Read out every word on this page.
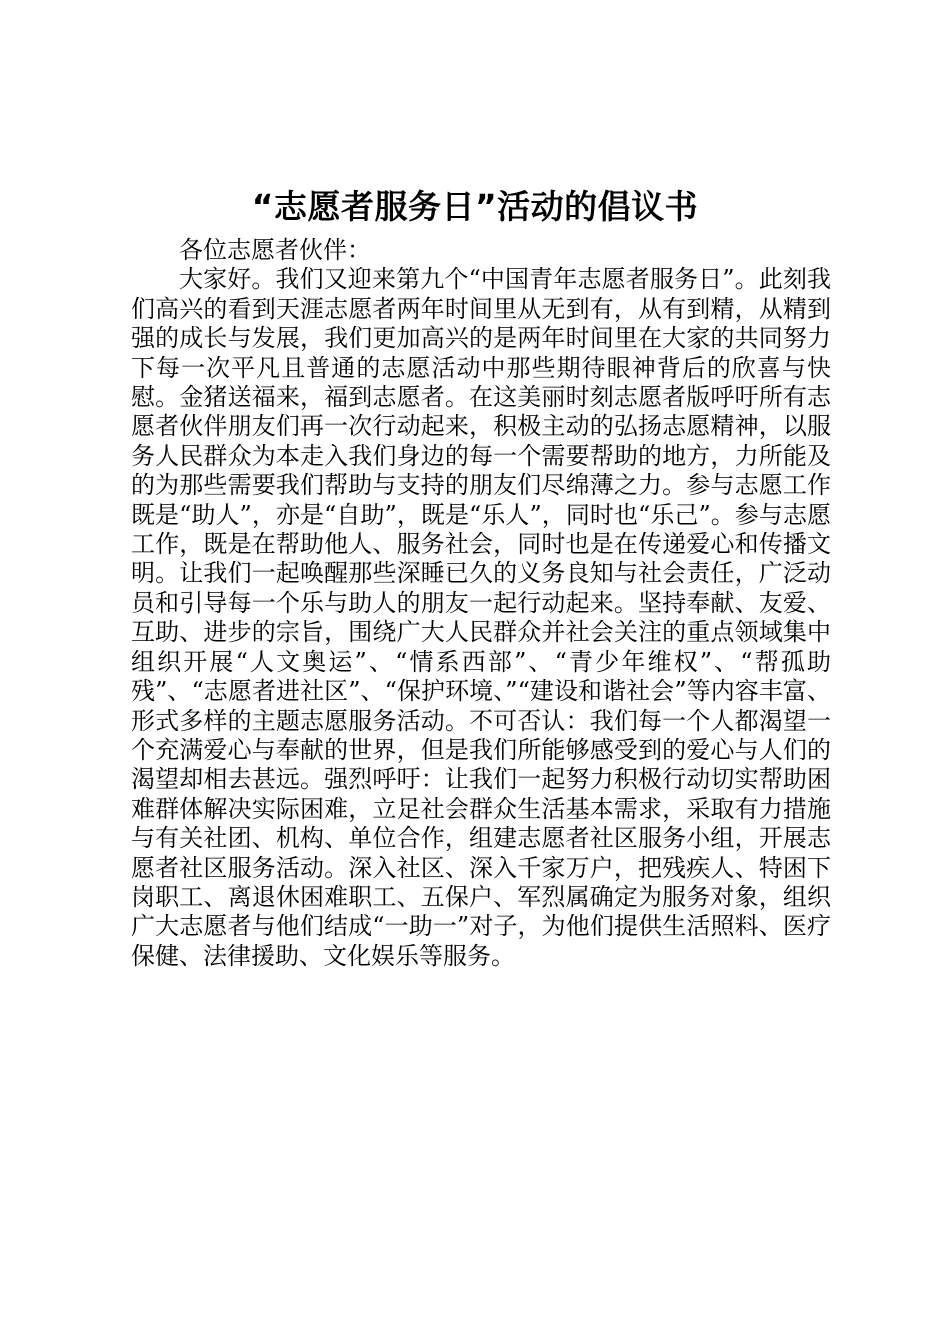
“志愿者服务日”活动的倡议书

各位志愿者伙伴：

大家好。我们又迎来第九个“中国青年志愿者服务日”。此刻我们高兴的看到天涯志愿者两年时间里从无到有，从有到精，从精到强的成长与发展，我们更加高兴的是两年时间里在大家的共同努力下每一次平凡且普通的志愿活动中那些期待眼神背后的欣喜与快慰。金猪送福来，福到志愿者。在这美丽时刻志愿者版呼吁所有志愿者伙伴朋友们再一次行动起来，积极主动的弘扬志愿精神，以服务人民群众为本走入我们身边的每一个需要帮助的地方，力所能及的为那些需要我们帮助与支持的朋友们尽绵薄之力。参与志愿工作既是“助人”，亦是“自助”，既是“乐人”，同时也“乐己”。参与志愿工作，既是在帮助他人、服务社会，同时也是在传递爱心和传播文明。让我们一起唤醒那些深睡已久的义务良知与社会责任，广泛动员和引导每一个乐与助人的朋友一起行动起来。坚持奉献、友爱、互助、进步的宗旨，围绕广大人民群众并社会关注的重点领域集中组织开展“人文奥运”、“情系西部”、“青少年维权”、“帮孤助残”、“志愿者进社区”、“保护环境、”“建设和谐社会”等内容丰富、形式多样的主题志愿服务活动。不可否认：我们每一个人都渴望一个充满爱心与奉献的世界，但是我们所能够感受到的爱心与人们的渴望却相去甚远。强烈呼吁：让我们一起努力积极行动切实帮助困难群体解决实际困难，立足社会群众生活基本需求，采取有力措施与有关社团、机构、单位合作，组建志愿者社区服务小组，开展志愿者社区服务活动。深入社区、深入千家万户，把残疾人、特困下岗职工、离退休困难职工、五保户、军烈属确定为服务对象，组织广大志愿者与他们结成“一助一”对子，为他们提供生活照料、医疗保健、法律援助、文化娱乐等服务。
